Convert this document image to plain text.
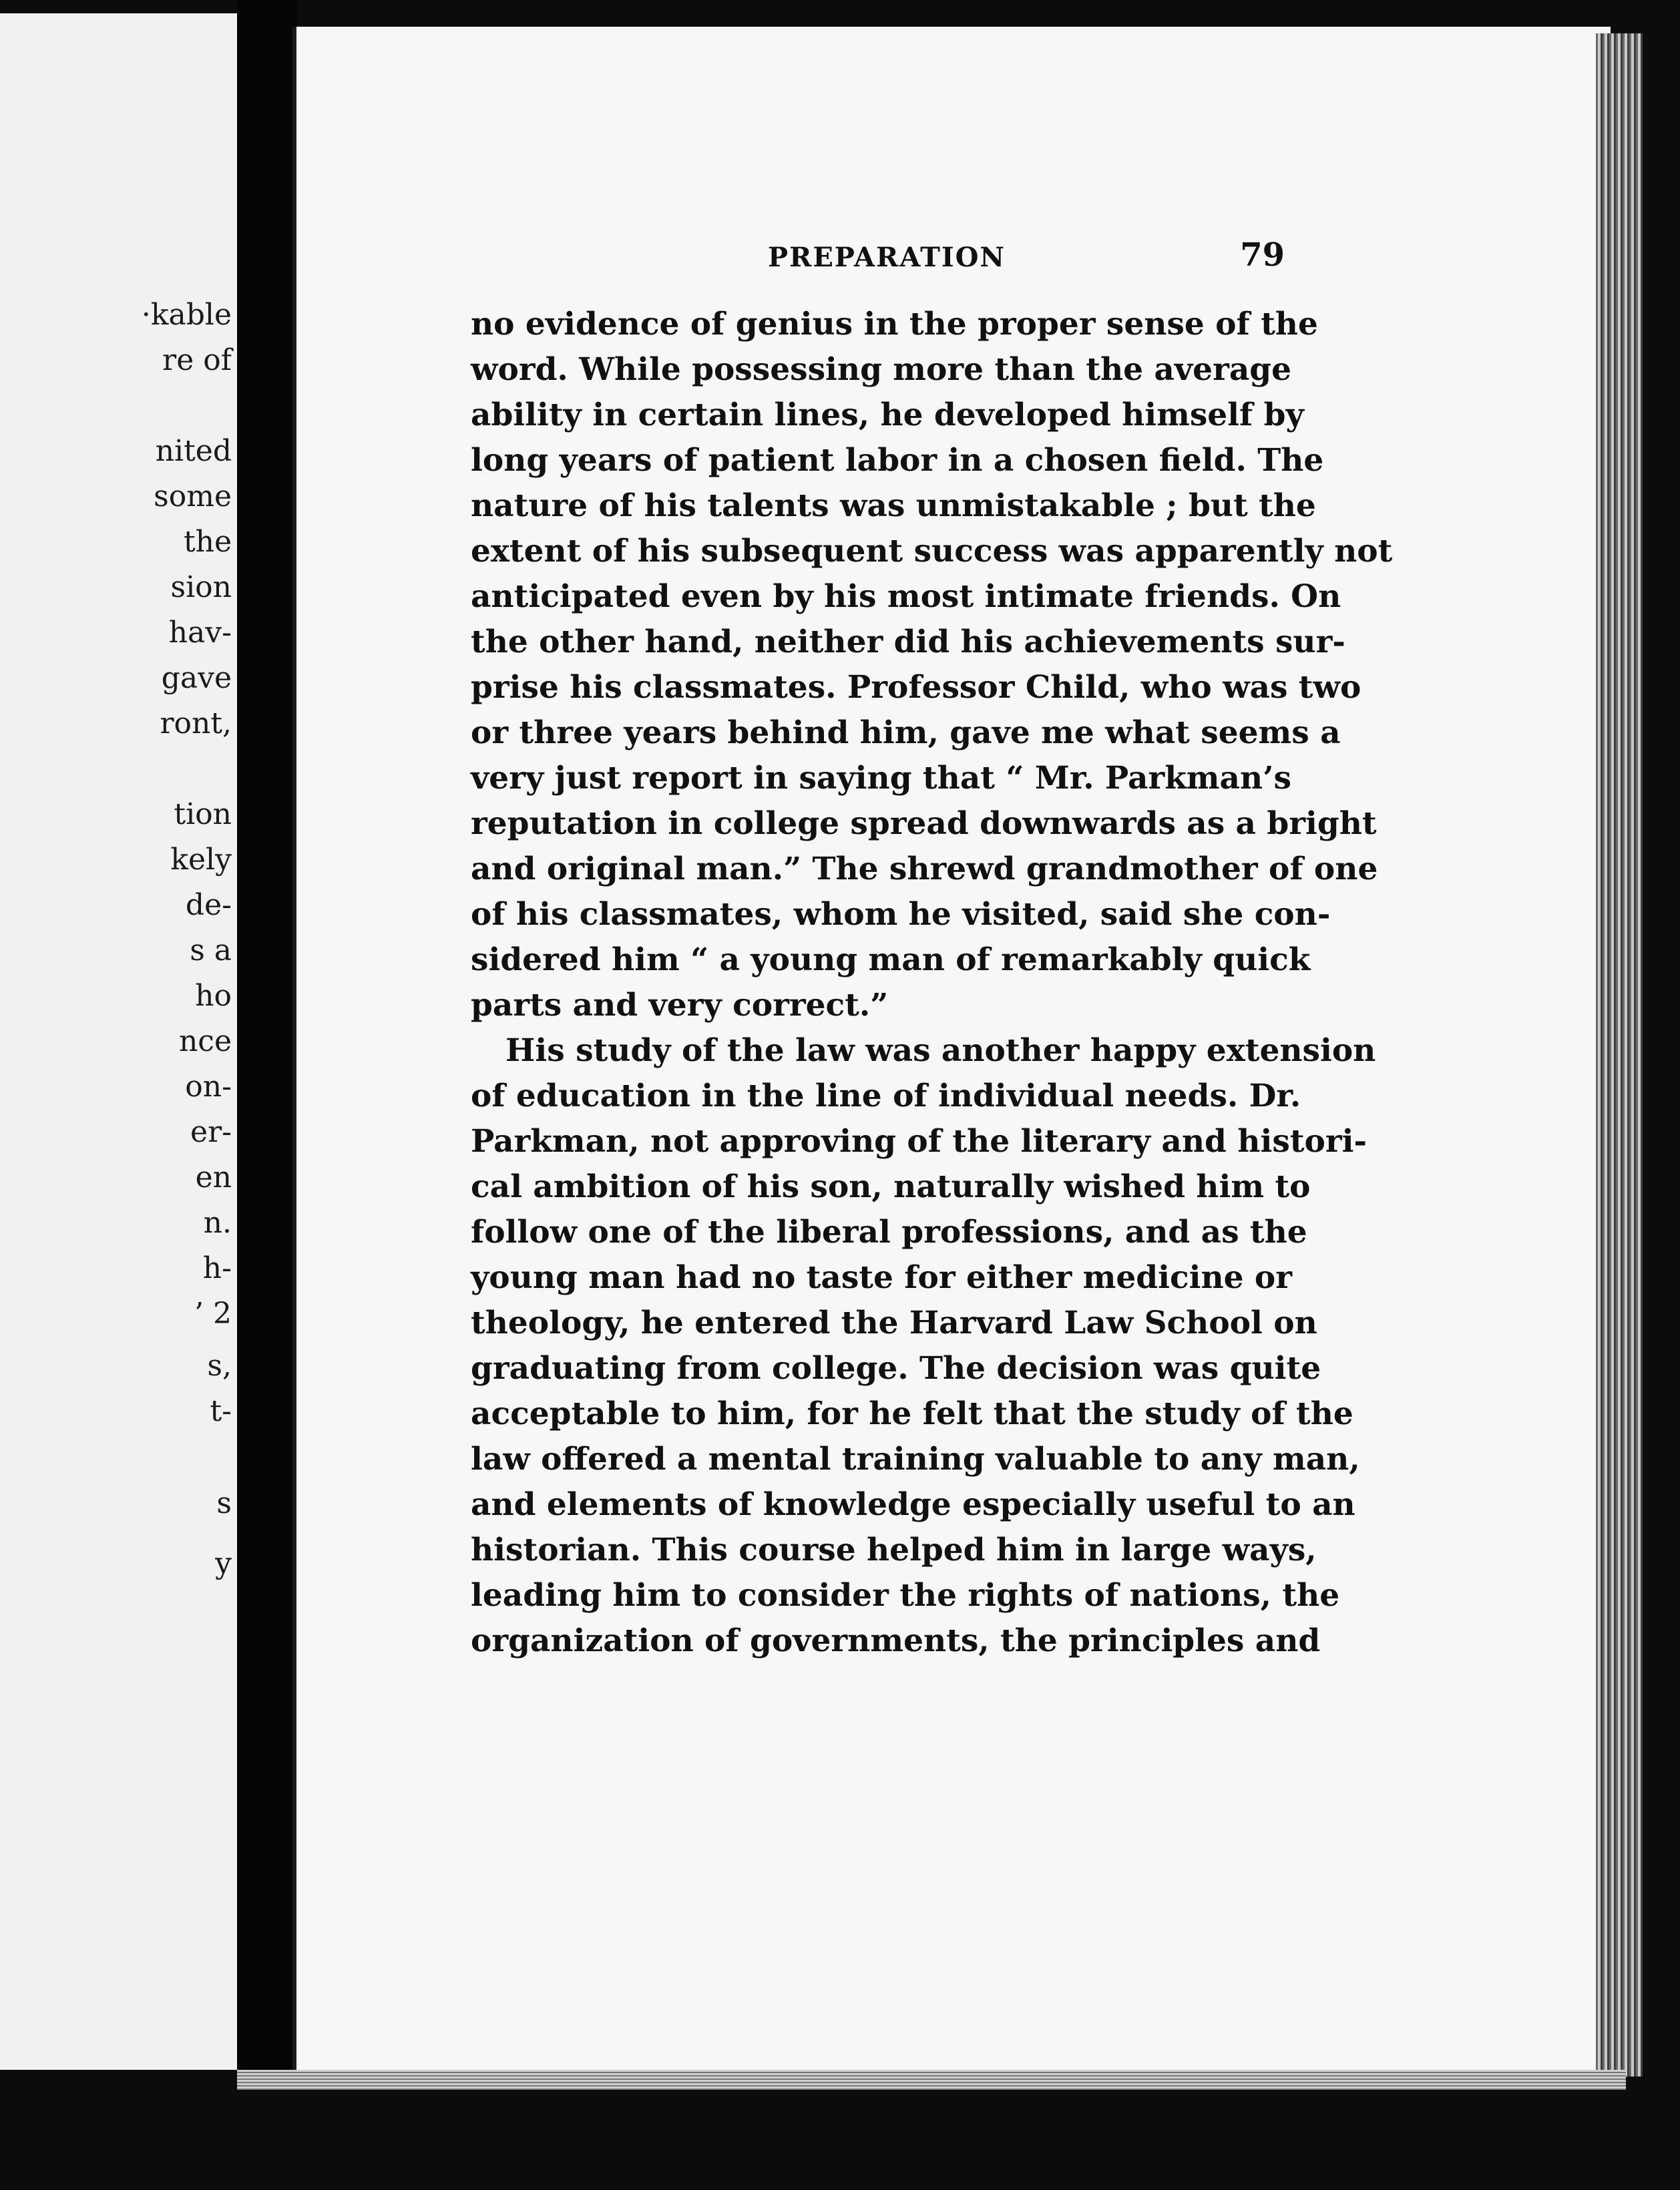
·kable
re of
nited
some
the
sion
hav-
gave
ront,
tion
kely
de-
s a
ho
nce
on-
er-
en
n.
h-
’ 2
s,
t-
s
y
PREPARATION	79
no evidence of genius in the proper sense of the
word. While possessing more than the average
ability in certain lines, he developed himself by
long years of patient labor in a chosen field. The
nature of his talents was unmistakable ; but the
extent of his subsequent success was apparently not
anticipated even by his most intimate friends. On
the other hand, neither did his achievements sur-
prise his classmates. Professor Child, who was two
or three years behind him, gave me what seems a
very just report in saying that “ Mr. Parkman’s
reputation in college spread downwards as a bright
and original man.” The shrewd grandmother of one
of his classmates, whom he visited, said she con-
sidered him “ a young man of remarkably quick
parts and very correct.”
His study of the law was another happy extension
of education in the line of individual needs. Dr.
Parkman, not approving of the literary and histori-
cal ambition of his son, naturally wished him to
follow one of the liberal professions, and as the
young man had no taste for either medicine or
theology, he entered the Harvard Law School on
graduating from college. The decision was quite
acceptable to him, for he felt that the study of the
law offered a mental training valuable to any man,
and elements of knowledge especially useful to an
historian. This course helped him in large ways,
leading him to consider the rights of nations, the
organization of governments, the principles and
